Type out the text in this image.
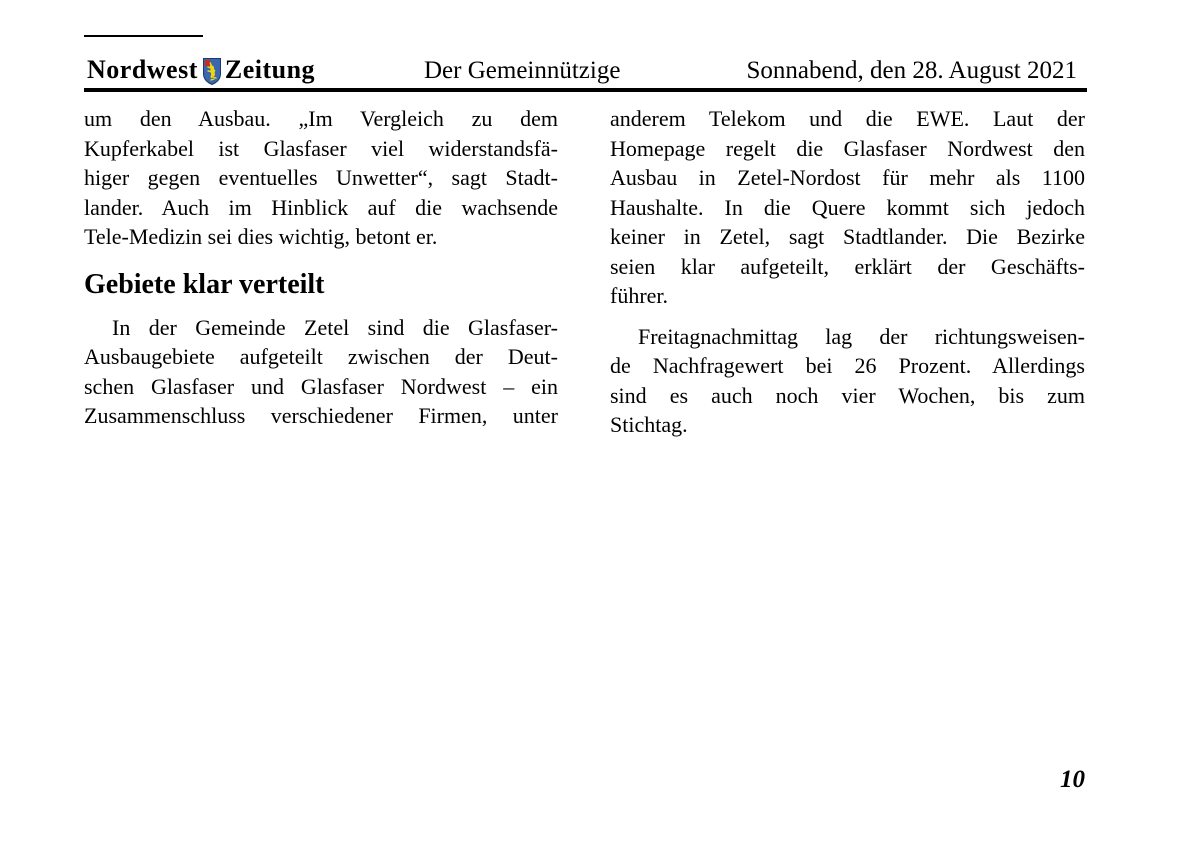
Nordwest Zeitung	Der Gemeinnützige	Sonnabend, den 28. August 2021
um den Ausbau. „Im Vergleich zu dem
Kupferkabel ist Glasfaser viel widerstandsfä-
higer gegen eventuelles Unwetter“, sagt Stadt-
lander. Auch im Hinblick auf die wachsende
Tele-Medizin sei dies wichtig, betont er.
Gebiete klar verteilt
In der Gemeinde Zetel sind die Glasfaser-
Ausbaugebiete aufgeteilt zwischen der Deut-
schen Glasfaser und Glasfaser Nordwest – ein
Zusammenschluss verschiedener Firmen, unter
anderem Telekom und die EWE. Laut der
Homepage regelt die Glasfaser Nordwest den
Ausbau in Zetel-Nordost für mehr als 1100
Haushalte. In die Quere kommt sich jedoch
keiner in Zetel, sagt Stadtlander. Die Bezirke
seien klar aufgeteilt, erklärt der Geschäfts-
führer.
Freitagnachmittag lag der richtungsweisen-
de Nachfragewert bei 26 Prozent. Allerdings
sind es auch noch vier Wochen, bis zum
Stichtag.
10
